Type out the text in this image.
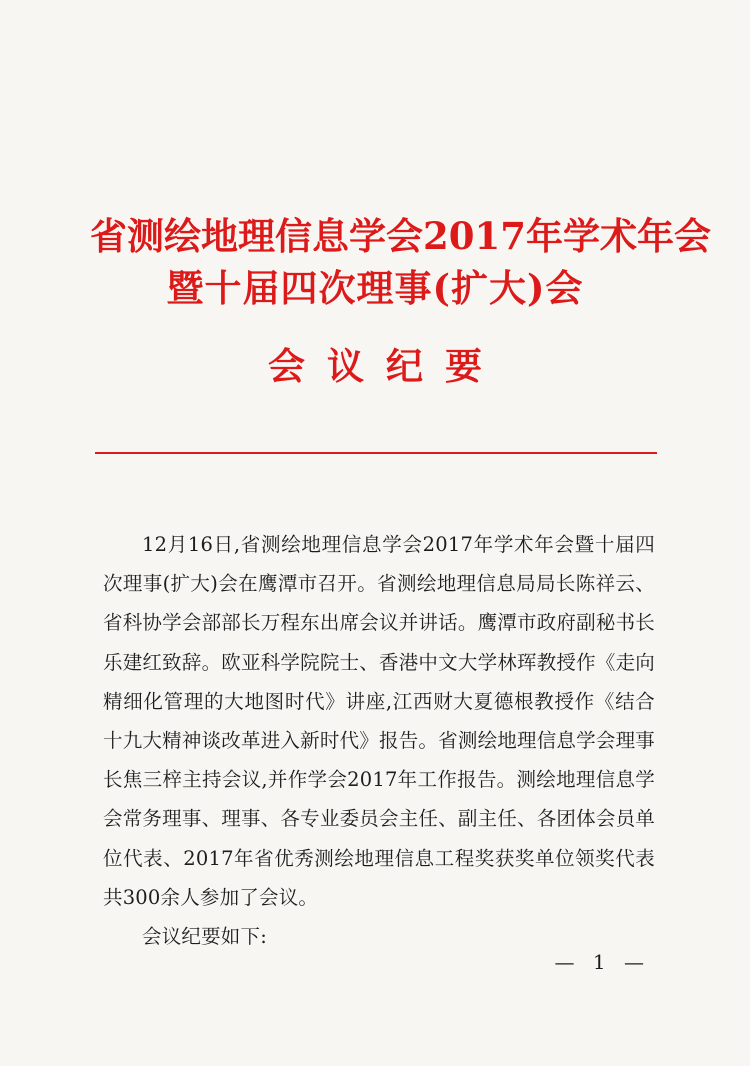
省测绘地理信息学会2017年学术年会
暨十届四次理事(扩大)会
会议纪要

12月16日,省测绘地理信息学会2017年学术年会暨十届四次理事(扩大)会在鹰潭市召开。省测绘地理信息局局长陈祥云、省科协学会部部长万程东出席会议并讲话。鹰潭市政府副秘书长乐建红致辞。欧亚科学院院士、香港中文大学林珲教授作《走向精细化管理的大地图时代》讲座,江西财大夏德根教授作《结合十九大精神谈改革进入新时代》报告。省测绘地理信息学会理事长焦三梓主持会议,并作学会2017年工作报告。测绘地理信息学会常务理事、理事、各专业委员会主任、副主任、各团体会员单位代表、2017年省优秀测绘地理信息工程奖获奖单位领奖代表共300余人参加了会议。

会议纪要如下:

— 1 —
